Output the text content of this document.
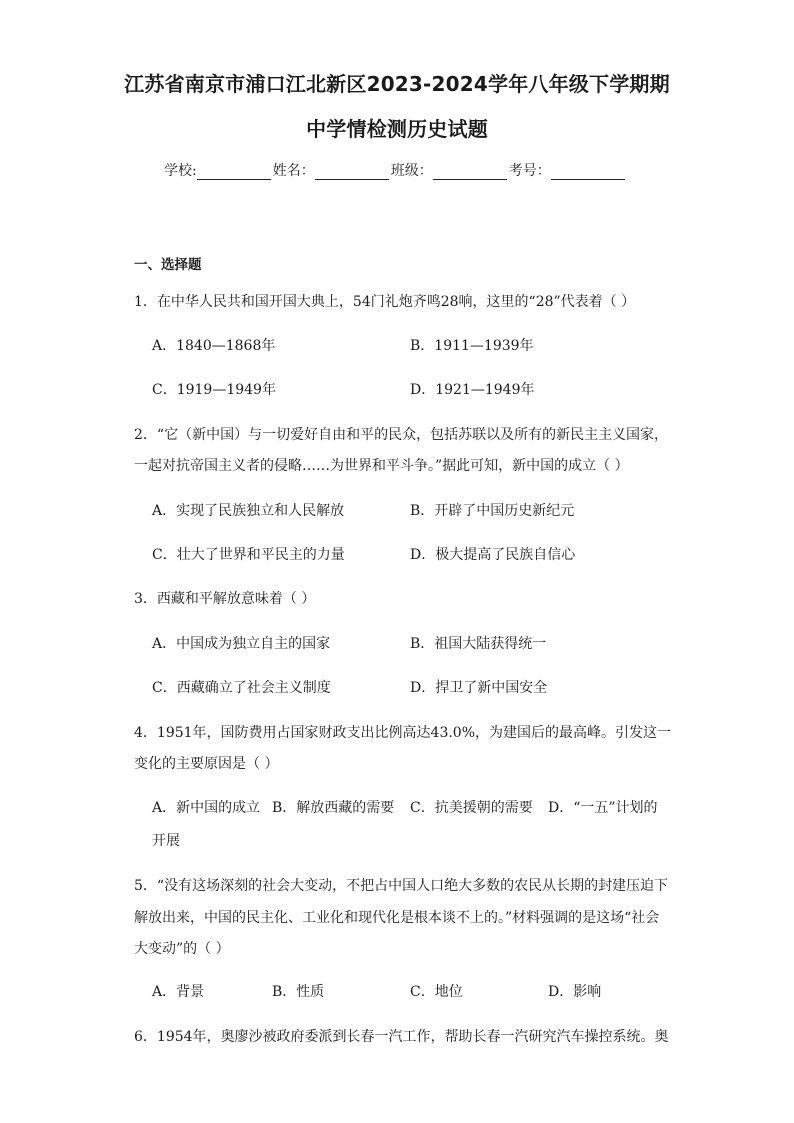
江苏省南京市浦口江北新区2023-2024学年八年级下学期期
中学情检测历史试题
学校:	姓名：	班级：	考号：
一、选择题
1．在中华人民共和国开国大典上，54门礼炮齐鸣28响，这里的“28”代表着（ ）
A．1840—1868年	B．1911—1939年
C．1919—1949年	D．1921—1949年
2．“它（新中国）与一切爱好自由和平的民众，包括苏联以及所有的新民主主义国家，
一起对抗帝国主义者的侵略……为世界和平斗争。”据此可知，新中国的成立（ ）
A．实现了民族独立和人民解放	B．开辟了中国历史新纪元
C．壮大了世界和平民主的力量	D．极大提高了民族自信心
3．西藏和平解放意味着（ ）
A．中国成为独立自主的国家	B．祖国大陆获得统一
C．西藏确立了社会主义制度	D．捍卫了新中国安全
4．1951年，国防费用占国家财政支出比例高达43.0%，为建国后的最高峰。引发这一
变化的主要原因是（ ）
A．新中国的成立 B．解放西藏的需要 C．抗美援朝的需要 D．“一五”计划的
开展
5．“没有这场深刻的社会大变动，不把占中国人口绝大多数的农民从长期的封建压迫下
解放出来，中国的民主化、工业化和现代化是根本谈不上的。”材料强调的是这场“社会
大变动”的（ ）
A．背景	B．性质	C．地位	D．影响
6．1954年，奥廖沙被政府委派到长春一汽工作，帮助长春一汽研究汽车操控系统。奥
